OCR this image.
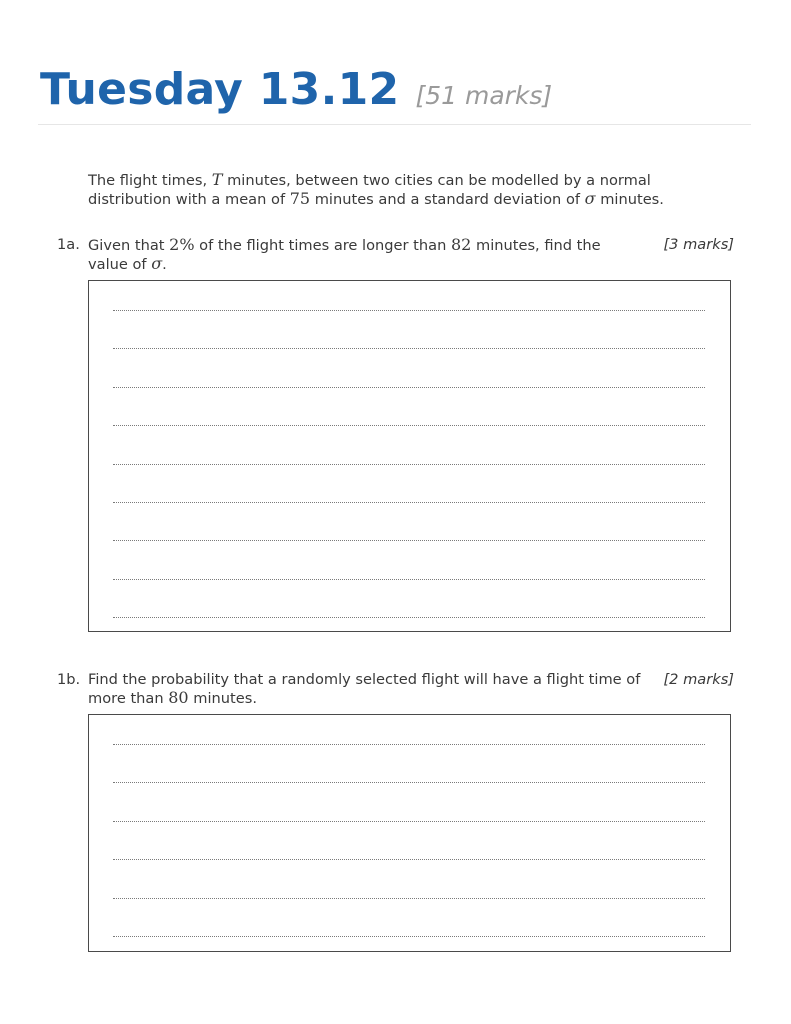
Tuesday 13.12 [51 marks]
The flight times, T minutes, between two cities can be modelled by a normal distribution with a mean of 75 minutes and a standard deviation of σ minutes.
1a. Given that 2% of the flight times are longer than 82 minutes, find the value of σ.
[3 marks]
1b. Find the probability that a randomly selected flight will have a flight time of more than 80 minutes.
[2 marks]
